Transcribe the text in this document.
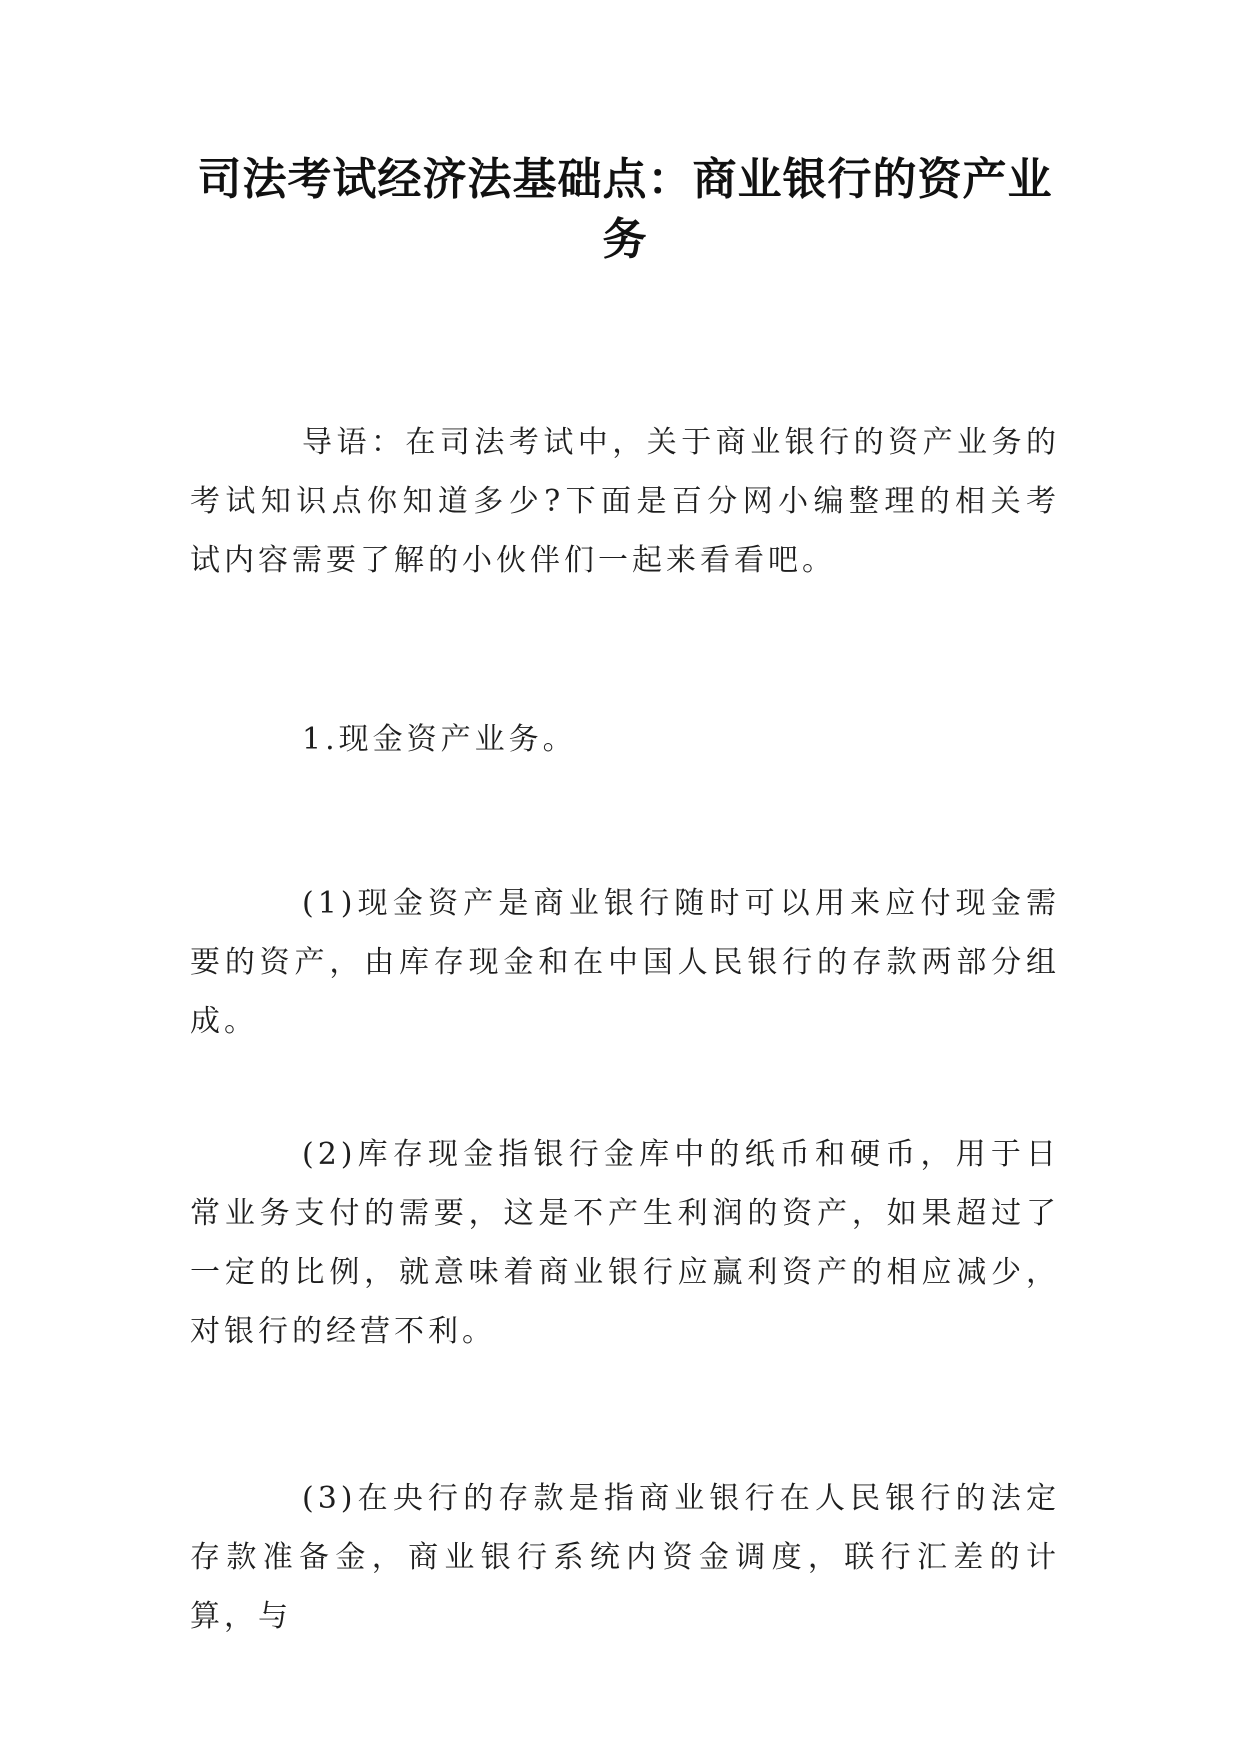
司法考试经济法基础点：商业银行的资产业务

导语：在司法考试中，关于商业银行的资产业务的考试知识点你知道多少?下面是百分网小编整理的相关考试内容需要了解的小伙伴们一起来看看吧。

1.现金资产业务。

(1)现金资产是商业银行随时可以用来应付现金需要的资产，由库存现金和在中国人民银行的存款两部分组成。

(2)库存现金指银行金库中的纸币和硬币，用于日常业务支付的需要，这是不产生利润的资产，如果超过了一定的比例，就意味着商业银行应赢利资产的相应减少，对银行的经营不利。

(3)在央行的存款是指商业银行在人民银行的法定存款准备金，商业银行系统内资金调度，联行汇差的计算，与
